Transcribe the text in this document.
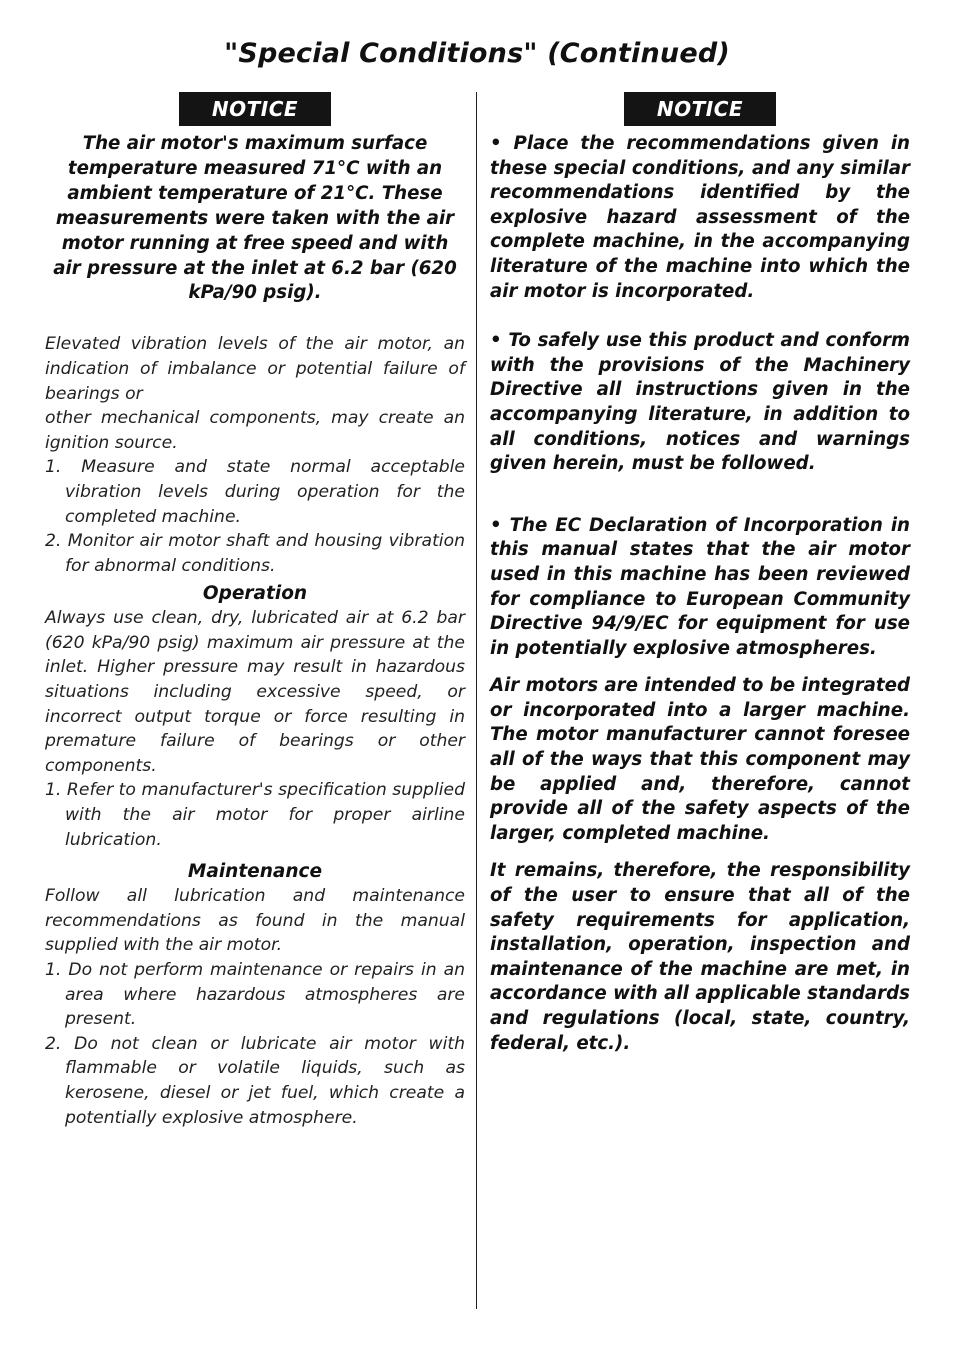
"Special Conditions" (Continued)
NOTICE

The air motor's maximum surface temperature measured 71°C with an ambient temperature of 21°C. These measurements were taken with the air motor running at free speed and with air pressure at the inlet at 6.2 bar (620 kPa/90 psig).

Elevated vibration levels of the air motor, an indication of imbalance or potential failure of bearings or

other mechanical components, may create an ignition source.

1. Measure and state normal acceptable vibration levels during operation for the completed machine.
2. Monitor air motor shaft and housing vibration for abnormal conditions.
Operation

Always use clean, dry, lubricated air at 6.2 bar (620 kPa/90 psig) maximum air pressure at the inlet. Higher pressure may result in hazardous situations including excessive speed, or incorrect output torque or force resulting in premature failure of bearings or other components.

1. Refer to manufacturer's specification supplied with the air motor for proper airline lubrication.
Maintenance

Follow all lubrication and maintenance recommendations as found in the manual supplied with the air motor.

1. Do not perform maintenance or repairs in an area where hazardous atmospheres are present.
2. Do not clean or lubricate air motor with flammable or volatile liquids, such as kerosene, diesel or jet fuel, which create a potentially explosive atmosphere.
NOTICE

• Place the recommendations given in these special conditions, and any similar recommendations identified by the explosive hazard assessment of the complete machine, in the accompanying literature of the machine into which the air motor is incorporated.

• To safely use this product and conform with the provisions of the Machinery Directive all instructions given in the accompanying literature, in addition to all conditions, notices and warnings given herein, must be followed.

• The EC Declaration of Incorporation in this manual states that the air motor used in this machine has been reviewed for compliance to European Community Directive 94/9/EC for equipment for use in potentially explosive atmospheres.

Air motors are intended to be integrated or incorporated into a larger machine. The motor manufacturer cannot foresee all of the ways that this component may be applied and, therefore, cannot provide all of the safety aspects of the larger, completed machine.

It remains, therefore, the responsibility of the user to ensure that all of the safety requirements for application, installation, operation, inspection and maintenance of the machine are met, in accordance with all applicable standards and regulations (local, state, country, federal, etc.).
